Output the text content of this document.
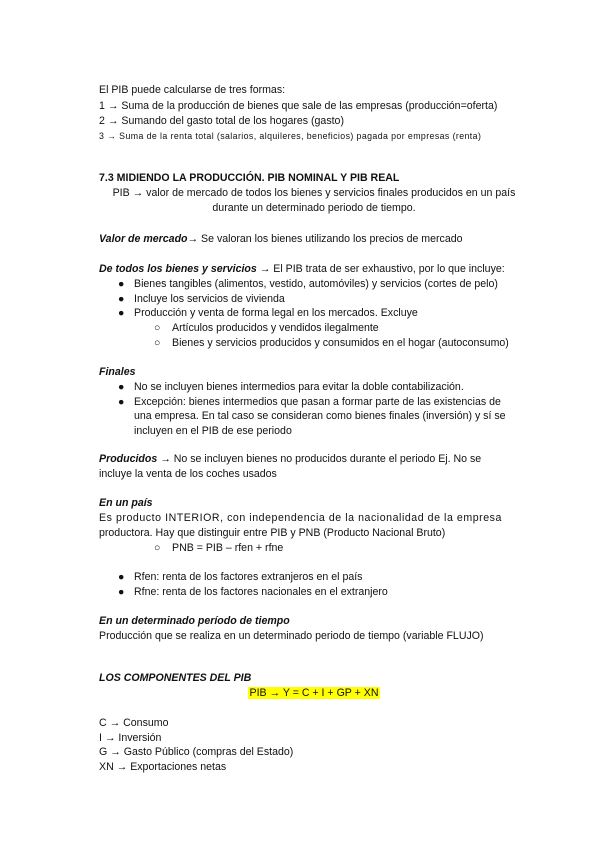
El PIB puede calcularse de tres formas:
1 → Suma de la producción de bienes que sale de las empresas (producción=oferta)
2 → Sumando del gasto total de los hogares (gasto)
3 → Suma de la renta total (salarios, alquileres, beneficios) pagada por empresas (renta)
7.3 MIDIENDO LA PRODUCCIÓN. PIB NOMINAL Y PIB REAL
PIB → valor de mercado de todos los bienes y servicios finales producidos en un país
durante un determinado periodo de tiempo.
Valor de mercado→ Se valoran los bienes utilizando los precios de mercado
De todos los bienes y servicios → El PIB trata de ser exhaustivo, por lo que incluye:
● Bienes tangibles (alimentos, vestido, automóviles) y servicios (cortes de pelo)
● Incluye los servicios de vivienda
● Producción y venta de forma legal en los mercados. Excluye
○ Artículos producidos y vendidos ilegalmente
○ Bienes y servicios producidos y consumidos en el hogar (autoconsumo)
Finales
● No se incluyen bienes intermedios para evitar la doble contabilización.
● Excepción: bienes intermedios que pasan a formar parte de las existencias de
una empresa. En tal caso se consideran como bienes finales (inversión) y sí se
incluyen en el PIB de ese periodo
Producidos → No se incluyen bienes no producidos durante el periodo Ej. No se
incluye la venta de los coches usados
En un país
Es producto INTERIOR, con independencia de la nacionalidad de la empresa
productora. Hay que distinguir entre PIB y PNB (Producto Nacional Bruto)
○ PNB = PIB – rfen + rfne
● Rfen: renta de los factores extranjeros en el país
● Rfne: renta de los factores nacionales en el extranjero
En un determinado período de tiempo
Producción que se realiza en un determinado periodo de tiempo (variable FLUJO)
LOS COMPONENTES DEL PIB
PIB → Y = C + I + GP + XN
C → Consumo
I → Inversión
G → Gasto Público (compras del Estado)
XN → Exportaciones netas
